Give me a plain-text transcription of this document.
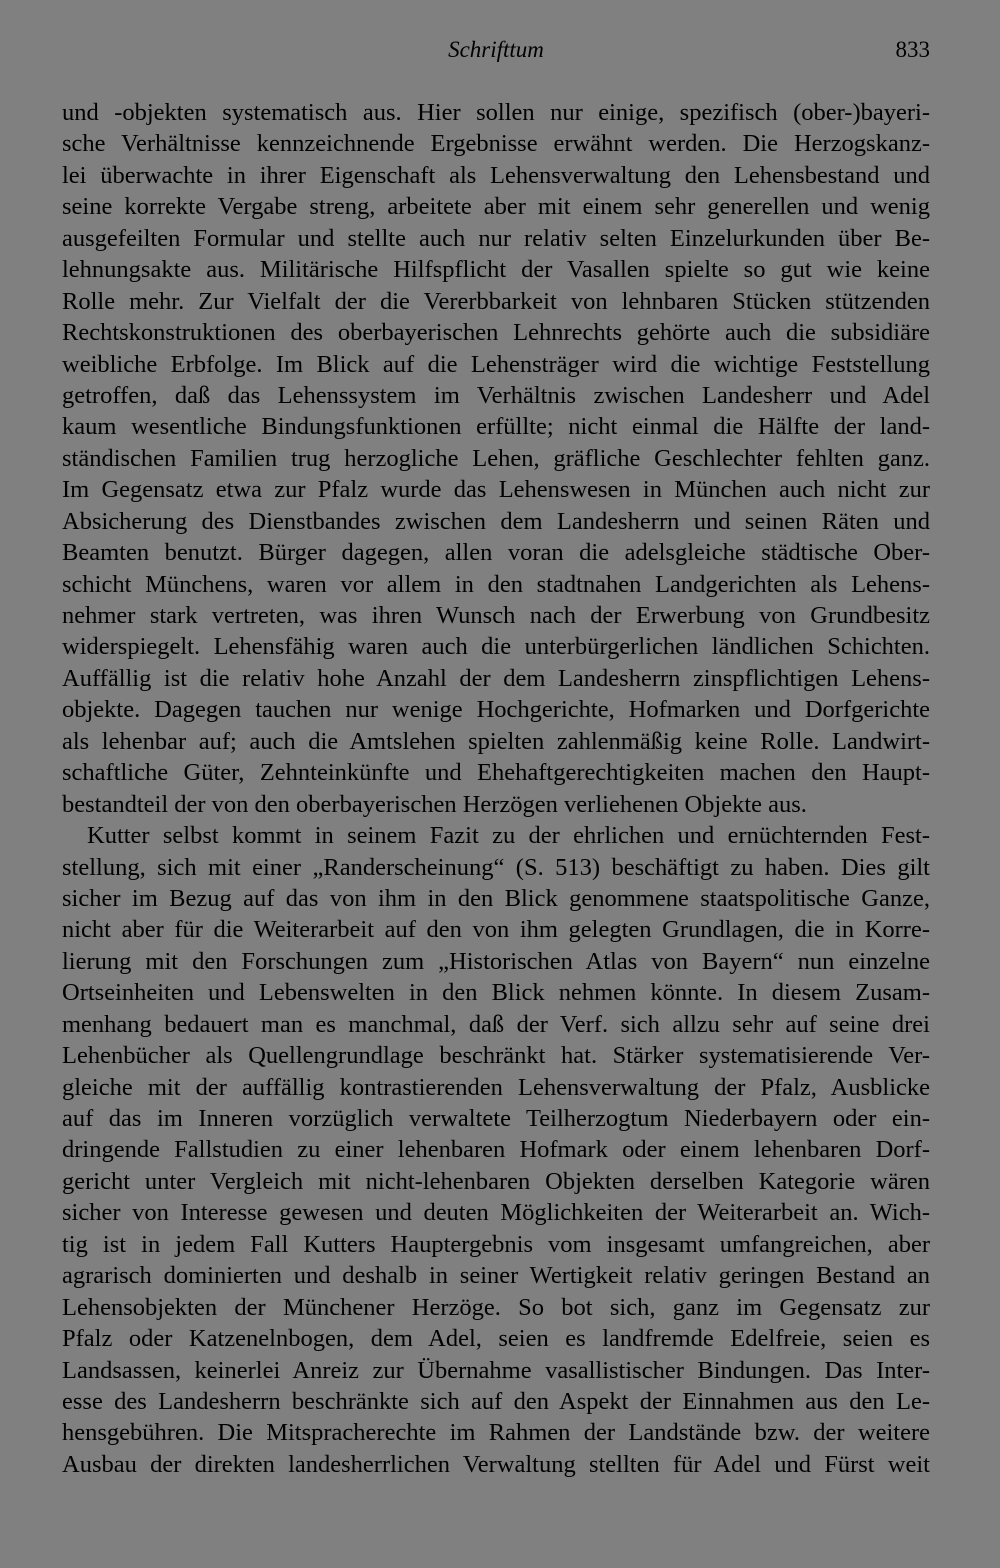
Schrifttum	833
und -objekten systematisch aus. Hier sollen nur einige, spezifisch (ober-)bayeri-
sche Verhältnisse kennzeichnende Ergebnisse erwähnt werden. Die Herzogskanz-
lei überwachte in ihrer Eigenschaft als Lehensverwaltung den Lehensbestand und
seine korrekte Vergabe streng, arbeitete aber mit einem sehr generellen und wenig
ausgefeilten Formular und stellte auch nur relativ selten Einzelurkunden über Be-
lehnungsakte aus. Militärische Hilfspflicht der Vasallen spielte so gut wie keine
Rolle mehr. Zur Vielfalt der die Vererbbarkeit von lehnbaren Stücken stützenden
Rechtskonstruktionen des oberbayerischen Lehnrechts gehörte auch die subsidiäre
weibliche Erbfolge. Im Blick auf die Lehensträger wird die wichtige Feststellung
getroffen, daß das Lehenssystem im Verhältnis zwischen Landesherr und Adel
kaum wesentliche Bindungsfunktionen erfüllte; nicht einmal die Hälfte der land-
ständischen Familien trug herzogliche Lehen, gräfliche Geschlechter fehlten ganz.
Im Gegensatz etwa zur Pfalz wurde das Lehenswesen in München auch nicht zur
Absicherung des Dienstbandes zwischen dem Landesherrn und seinen Räten und
Beamten benutzt. Bürger dagegen, allen voran die adelsgleiche städtische Ober-
schicht Münchens, waren vor allem in den stadtnahen Landgerichten als Lehens-
nehmer stark vertreten, was ihren Wunsch nach der Erwerbung von Grundbesitz
widerspiegelt. Lehensfähig waren auch die unterbürgerlichen ländlichen Schichten.
Auffällig ist die relativ hohe Anzahl der dem Landesherrn zinspflichtigen Lehens-
objekte. Dagegen tauchen nur wenige Hochgerichte, Hofmarken und Dorfgerichte
als lehenbar auf; auch die Amtslehen spielten zahlenmäßig keine Rolle. Landwirt-
schaftliche Güter, Zehnteinkünfte und Ehehaftgerechtigkeiten machen den Haupt-
bestandteil der von den oberbayerischen Herzögen verliehenen Objekte aus.
Kutter selbst kommt in seinem Fazit zu der ehrlichen und ernüchternden Fest-
stellung, sich mit einer „Randerscheinung“ (S. 513) beschäftigt zu haben. Dies gilt
sicher im Bezug auf das von ihm in den Blick genommene staatspolitische Ganze,
nicht aber für die Weiterarbeit auf den von ihm gelegten Grundlagen, die in Korre-
lierung mit den Forschungen zum „Historischen Atlas von Bayern“ nun einzelne
Ortseinheiten und Lebenswelten in den Blick nehmen könnte. In diesem Zusam-
menhang bedauert man es manchmal, daß der Verf. sich allzu sehr auf seine drei
Lehenbücher als Quellengrundlage beschränkt hat. Stärker systematisierende Ver-
gleiche mit der auffällig kontrastierenden Lehensverwaltung der Pfalz, Ausblicke
auf das im Inneren vorzüglich verwaltete Teilherzogtum Niederbayern oder ein-
dringende Fallstudien zu einer lehenbaren Hofmark oder einem lehenbaren Dorf-
gericht unter Vergleich mit nicht-lehenbaren Objekten derselben Kategorie wären
sicher von Interesse gewesen und deuten Möglichkeiten der Weiterarbeit an. Wich-
tig ist in jedem Fall Kutters Hauptergebnis vom insgesamt umfangreichen, aber
agrarisch dominierten und deshalb in seiner Wertigkeit relativ geringen Bestand an
Lehensobjekten der Münchener Herzöge. So bot sich, ganz im Gegensatz zur
Pfalz oder Katzenelnbogen, dem Adel, seien es landfremde Edelfreie, seien es
Landsassen, keinerlei Anreiz zur Übernahme vasallistischer Bindungen. Das Inter-
esse des Landesherrn beschränkte sich auf den Aspekt der Einnahmen aus den Le-
hensgebühren. Die Mitspracherechte im Rahmen der Landstände bzw. der weitere
Ausbau der direkten landesherrlichen Verwaltung stellten für Adel und Fürst weit
